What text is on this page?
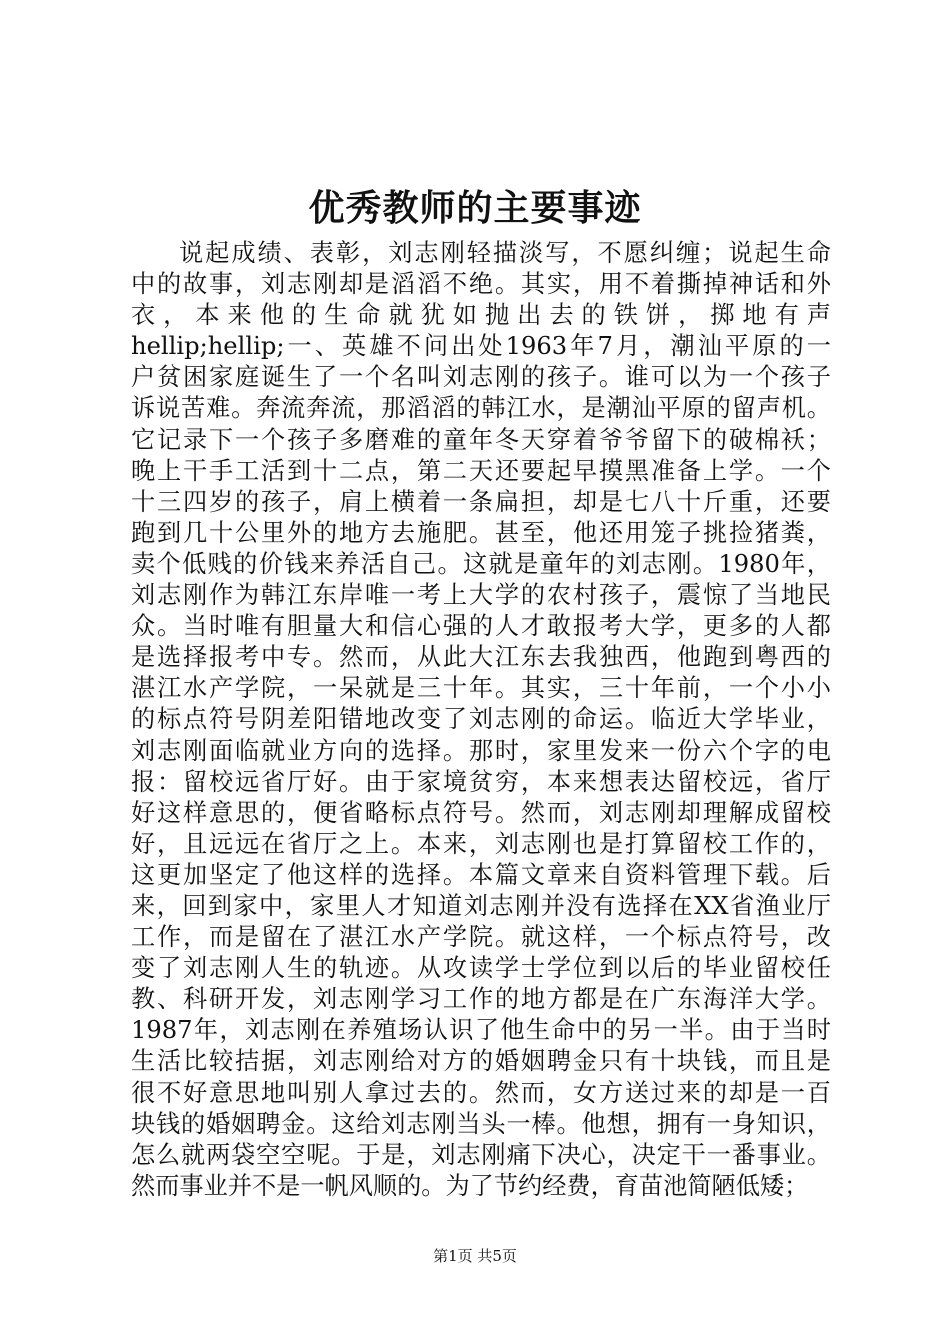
优秀教师的主要事迹
说起成绩、表彰，刘志刚轻描淡写，不愿纠缠；说起生命
中的故事，刘志刚却是滔滔不绝。其实，用不着撕掉神话和外
衣，本来他的生命就犹如抛出去的铁饼，掷地有声
hellip;hellip;一、英雄不问出处1963年7月，潮汕平原的一
户贫困家庭诞生了一个名叫刘志刚的孩子。谁可以为一个孩子
诉说苦难。奔流奔流，那滔滔的韩江水，是潮汕平原的留声机。
它记录下一个孩子多磨难的童年冬天穿着爷爷留下的破棉袄；
晚上干手工活到十二点，第二天还要起早摸黑准备上学。一个
十三四岁的孩子，肩上横着一条扁担，却是七八十斤重，还要
跑到几十公里外的地方去施肥。甚至，他还用笼子挑捡猪粪，
卖个低贱的价钱来养活自己。这就是童年的刘志刚。1980年，
刘志刚作为韩江东岸唯一考上大学的农村孩子，震惊了当地民
众。当时唯有胆量大和信心强的人才敢报考大学，更多的人都
是选择报考中专。然而，从此大江东去我独西，他跑到粤西的
湛江水产学院，一呆就是三十年。其实，三十年前，一个小小
的标点符号阴差阳错地改变了刘志刚的命运。临近大学毕业，
刘志刚面临就业方向的选择。那时，家里发来一份六个字的电
报：留校远省厅好。由于家境贫穷，本来想表达留校远，省厅
好这样意思的，便省略标点符号。然而，刘志刚却理解成留校
好，且远远在省厅之上。本来，刘志刚也是打算留校工作的，
这更加坚定了他这样的选择。本篇文章来自资料管理下载。后
来，回到家中，家里人才知道刘志刚并没有选择在XX省渔业厅
工作，而是留在了湛江水产学院。就这样，一个标点符号，改
变了刘志刚人生的轨迹。从攻读学士学位到以后的毕业留校任
教、科研开发，刘志刚学习工作的地方都是在广东海洋大学。
1987年，刘志刚在养殖场认识了他生命中的另一半。由于当时
生活比较拮据，刘志刚给对方的婚姻聘金只有十块钱，而且是
很不好意思地叫别人拿过去的。然而，女方送过来的却是一百
块钱的婚姻聘金。这给刘志刚当头一棒。他想，拥有一身知识，
怎么就两袋空空呢。于是，刘志刚痛下决心，决定干一番事业。
然而事业并不是一帆风顺的。为了节约经费，育苗池简陋低矮；
第1页 共5页
